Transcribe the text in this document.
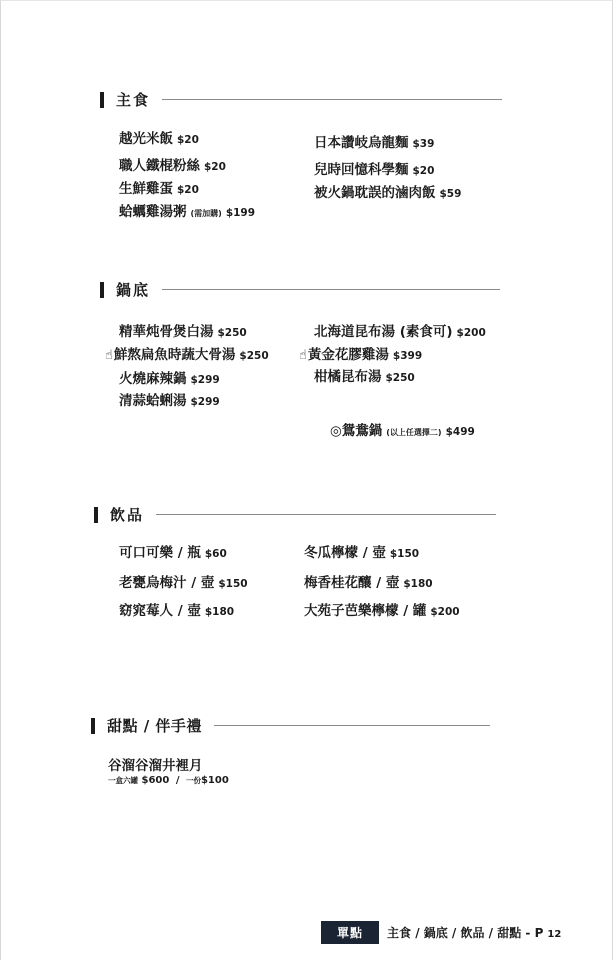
主食
越光米飯 $20
職人鐵棍粉絲 $20
生鮮雞蛋 $20
蛤蠣雞湯粥 (需加購) $199
日本讚岐烏龍麵 $39
兒時回憶科學麵 $20
被火鍋耽誤的滷肉飯 $59
鍋底
精華炖骨煲白湯 $250
☝鮮熬扁魚時蔬大骨湯 $250
火燒麻辣鍋 $299
清蒜蛤蜊湯 $299
北海道昆布湯 (素食可) $200
☝黃金花膠雞湯 $399
柑橘昆布湯 $250
◎鴛鴦鍋 (以上任選擇二) $499
飲品
可口可樂 / 瓶 $60
老甕烏梅汁 / 壺 $150
窈窕莓人 / 壺 $180
冬瓜檸檬 / 壺 $150
梅香桂花釀 / 壺 $180
大苑子芭樂檸檬 / 罐 $200
甜點 / 伴手禮
谷溜谷溜井裡月
一盒六罐 $600 / 一份$100
單點	主食 / 鍋底 / 飲品 / 甜點 - P 12
